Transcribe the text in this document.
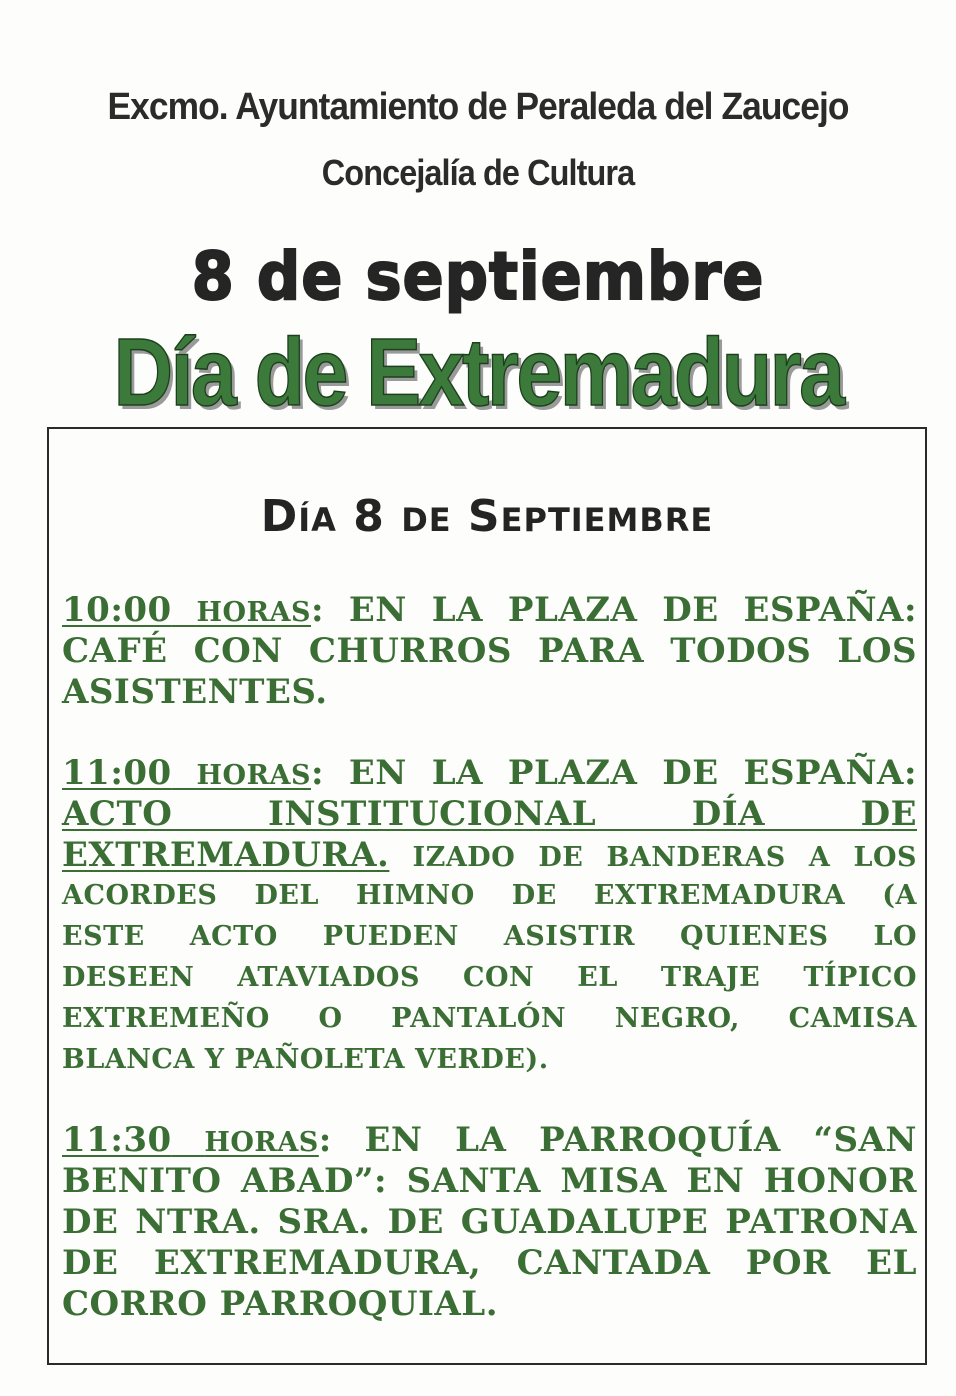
Excmo. Ayuntamiento de Peraleda del Zaucejo
Concejalía de Cultura
8 de septiembre
Día de Extremadura
DÍA 8 DE SEPTIEMBRE
10:00 HORAS: EN LA PLAZA DE ESPAÑA:
CAFÉ CON CHURROS PARA TODOS LOS
ASISTENTES.
11:00 HORAS: EN LA PLAZA DE ESPAÑA:
ACTO INSTITUCIONAL DÍA DE
EXTREMADURA. IZADO DE BANDERAS A LOS
ACORDES DEL HIMNO DE EXTREMADURA (A
ESTE ACTO PUEDEN ASISTIR QUIENES LO
DESEEN ATAVIADOS CON EL TRAJE TÍPICO
EXTREMEÑO O PANTALÓN NEGRO, CAMISA
BLANCA Y PAÑOLETA VERDE).
11:30 HORAS: EN LA PARROQUÍA “SAN
BENITO ABAD”: SANTA MISA EN HONOR
DE NTRA. SRA. DE GUADALUPE PATRONA
DE EXTREMADURA, CANTADA POR EL
CORRO PARROQUIAL.
